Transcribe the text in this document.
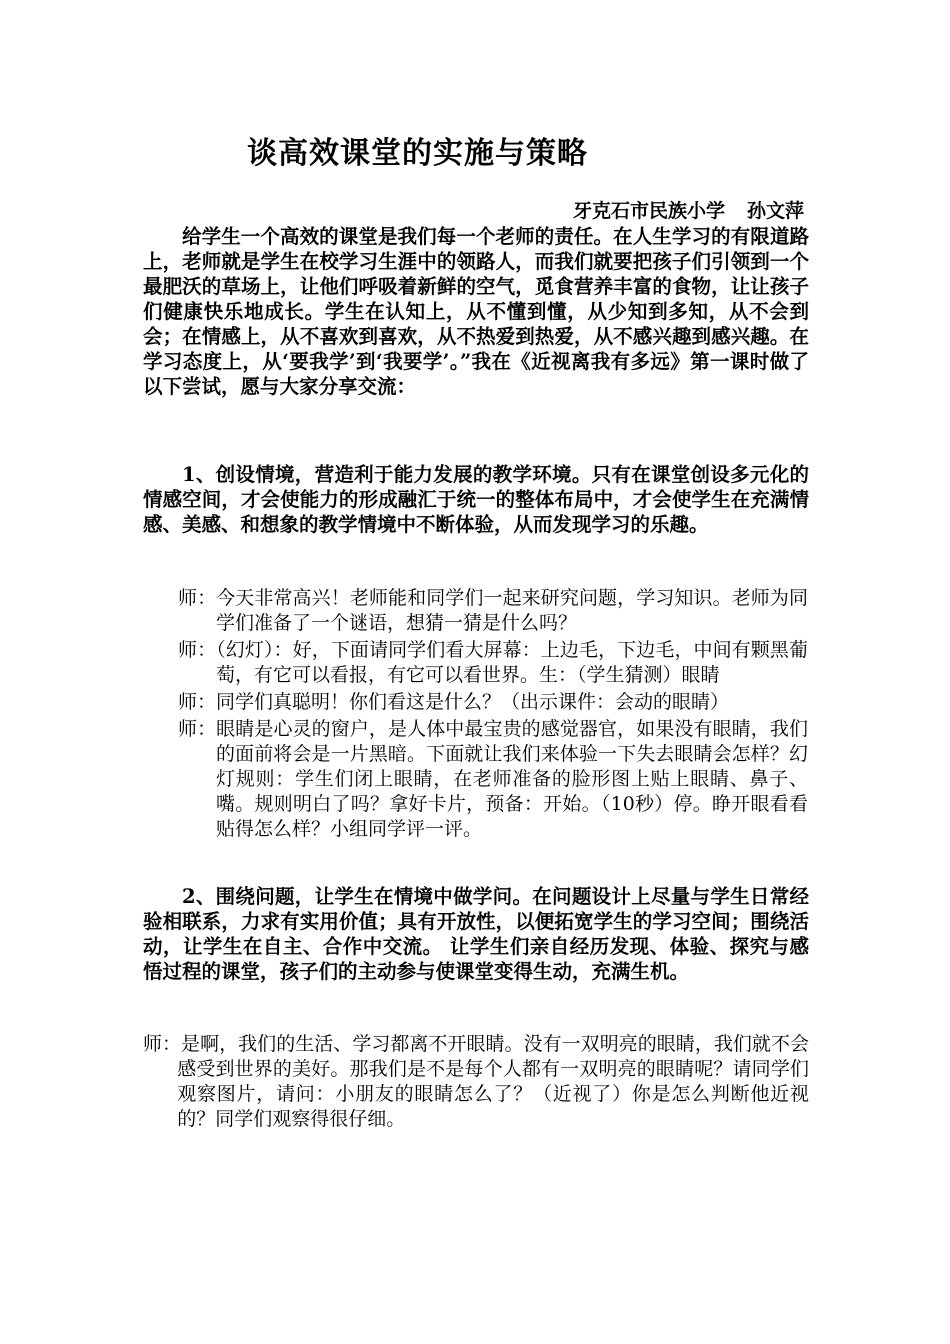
谈高效课堂的实施与策略
牙克石市民族小学 孙文萍

给学生一个高效的课堂是我们每一个老师的责任。在人生学习的有限道路上，老师就是学生在校学习生涯中的领路人，而我们就要把孩子们引领到一个最肥沃的草场上，让他们呼吸着新鲜的空气，觅食营养丰富的食物，让让孩子们健康快乐地成长。学生在认知上，从不懂到懂，从少知到多知，从不会到会；在情感上，从不喜欢到喜欢，从不热爱到热爱，从不感兴趣到感兴趣。在学习态度上，从‘要我学’到‘我要学’。”我在《近视离我有多远》第一课时做了以下尝试，愿与大家分享交流：

1、创设情境，营造利于能力发展的教学环境。只有在课堂创设多元化的情感空间，才会使能力的形成融汇于统一的整体布局中，才会使学生在充满情感、美感、和想象的教学情境中不断体验，从而发现学习的乐趣。

师：今天非常高兴！老师能和同学们一起来研究问题，学习知识。老师为同学们准备了一个谜语，想猜一猜是什么吗？
师：（幻灯）：好，下面请同学们看大屏幕：上边毛，下边毛，中间有颗黑葡萄，有它可以看报，有它可以看世界。生：（学生猜测）眼睛
师：同学们真聪明！你们看这是什么？（出示课件：会动的眼睛）
师：眼睛是心灵的窗户，是人体中最宝贵的感觉器官，如果没有眼睛，我们的面前将会是一片黑暗。下面就让我们来体验一下失去眼睛会怎样？幻灯规则：学生们闭上眼睛，在老师准备的脸形图上贴上眼睛、鼻子、嘴。规则明白了吗？拿好卡片，预备：开始。（10秒）停。睁开眼看看贴得怎么样？小组同学评一评。

2、围绕问题，让学生在情境中做学问。在问题设计上尽量与学生日常经验相联系，力求有实用价值；具有开放性，以便拓宽学生的学习空间；围绕活动，让学生在自主、合作中交流。 让学生们亲自经历发现、体验、探究与感悟过程的课堂，孩子们的主动参与使课堂变得生动，充满生机。

师：是啊，我们的生活、学习都离不开眼睛。没有一双明亮的眼睛，我们就不会感受到世界的美好。那我们是不是每个人都有一双明亮的眼睛呢？请同学们观察图片，请问：小朋友的眼睛怎么了？（近视了）你是怎么判断他近视的？同学们观察得很仔细。
